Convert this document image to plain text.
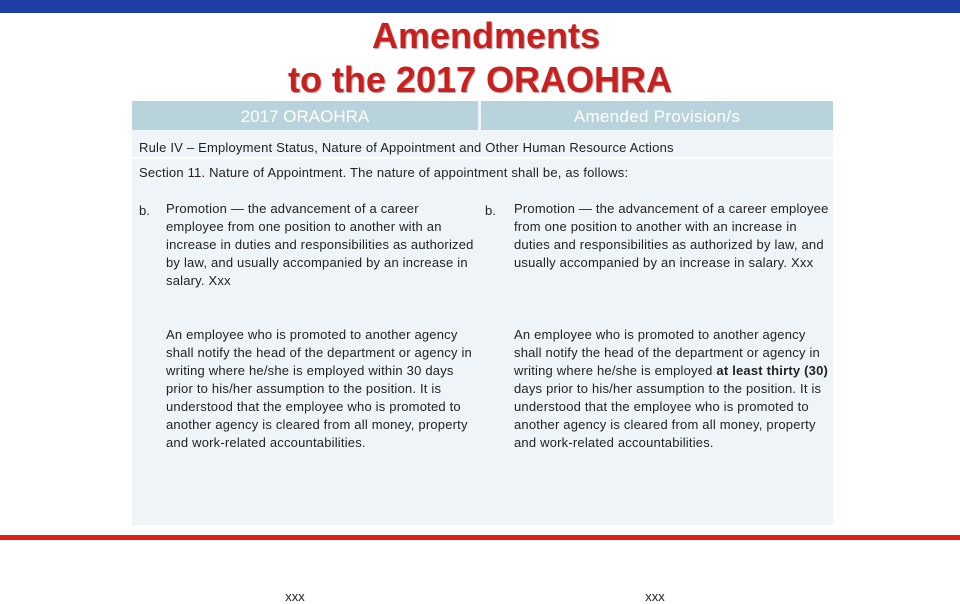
Amendments
to the 2017 ORAOHRA
2017 ORAOHRA	Amended Provision/s
Rule IV – Employment Status, Nature of Appointment and Other Human Resource Actions
Section 11. Nature of Appointment. The nature of appointment shall be, as follows:
b. Promotion — the advancement of a career employee from one position to another with an increase in duties and responsibilities as authorized by law, and usually accompanied by an increase in salary. Xxx
An employee who is promoted to another agency shall notify the head of the department or agency in writing where he/she is employed within 30 days prior to his/her assumption to the position. It is understood that the employee who is promoted to another agency is cleared from all money, property and work-related accountabilities.
xxx
b. Promotion — the advancement of a career employee from one position to another with an increase in duties and responsibilities as authorized by law, and usually accompanied by an increase in salary. Xxx
An employee who is promoted to another agency shall notify the head of the department or agency in writing where he/she is employed at least thirty (30) days prior to his/her assumption to the position. It is understood that the employee who is promoted to another agency is cleared from all money, property and work-related accountabilities.
xxx
